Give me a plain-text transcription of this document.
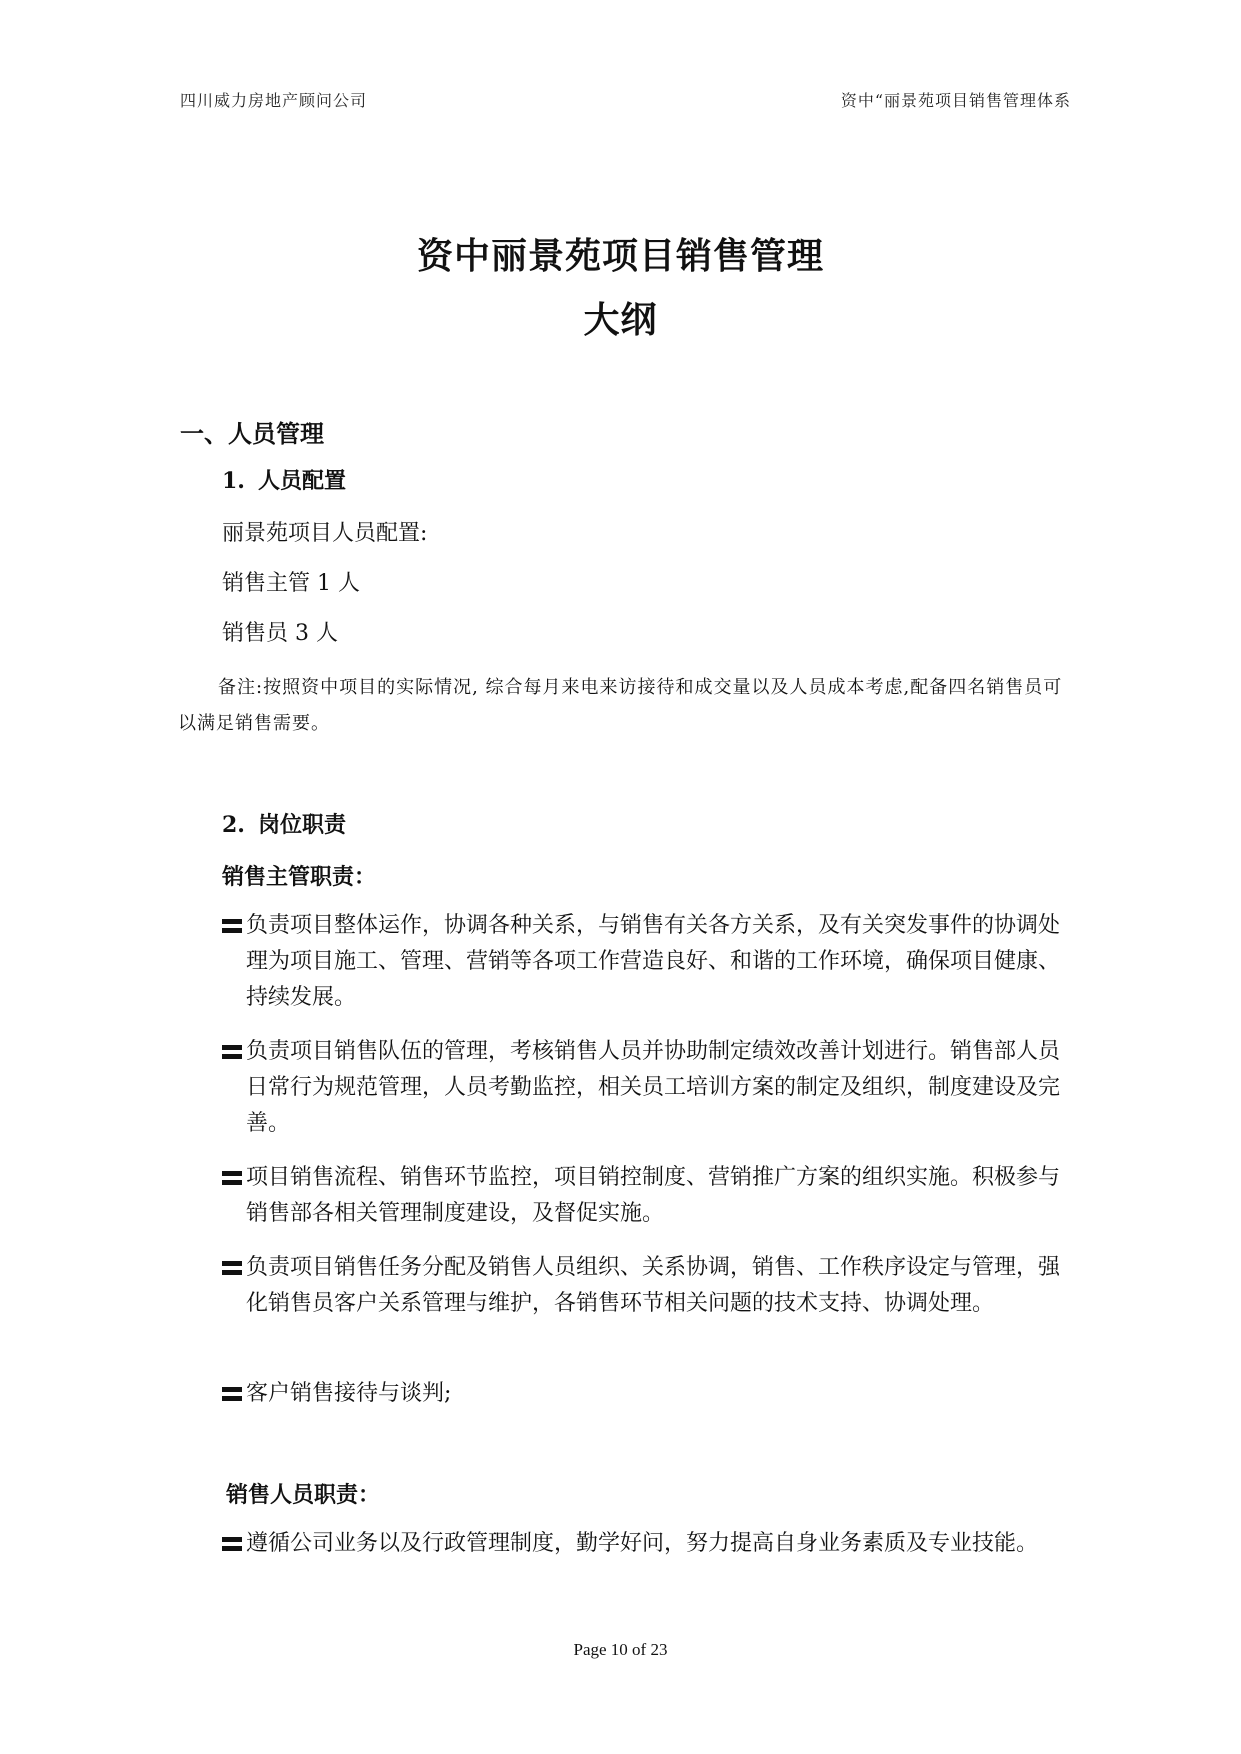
四川威力房地产顾问公司	资中“丽景苑项目销售管理体系
资中丽景苑项目销售管理
大纲
一、人员管理
1. 人员配置
丽景苑项目人员配置:
销售主管 1 人
销售员 3 人
备注:按照资中项目的实际情况, 综合每月来电来访接待和成交量以及人员成本考虑,配备四名销售员可以满足销售需要。
2. 岗位职责
销售主管职责：
负责项目整体运作，协调各种关系，与销售有关各方关系，及有关突发事件的协调处理为项目施工、管理、营销等各项工作营造良好、和谐的工作环境，确保项目健康、持续发展。
负责项目销售队伍的管理，考核销售人员并协助制定绩效改善计划进行。销售部人员日常行为规范管理，人员考勤监控，相关员工培训方案的制定及组织，制度建设及完善。
项目销售流程、销售环节监控，项目销控制度、营销推广方案的组织实施。积极参与销售部各相关管理制度建设，及督促实施。
负责项目销售任务分配及销售人员组织、关系协调，销售、工作秩序设定与管理，强化销售员客户关系管理与维护，各销售环节相关问题的技术支持、协调处理。
客户销售接待与谈判;
销售人员职责：
遵循公司业务以及行政管理制度，勤学好问，努力提高自身业务素质及专业技能。
Page 10 of 23
